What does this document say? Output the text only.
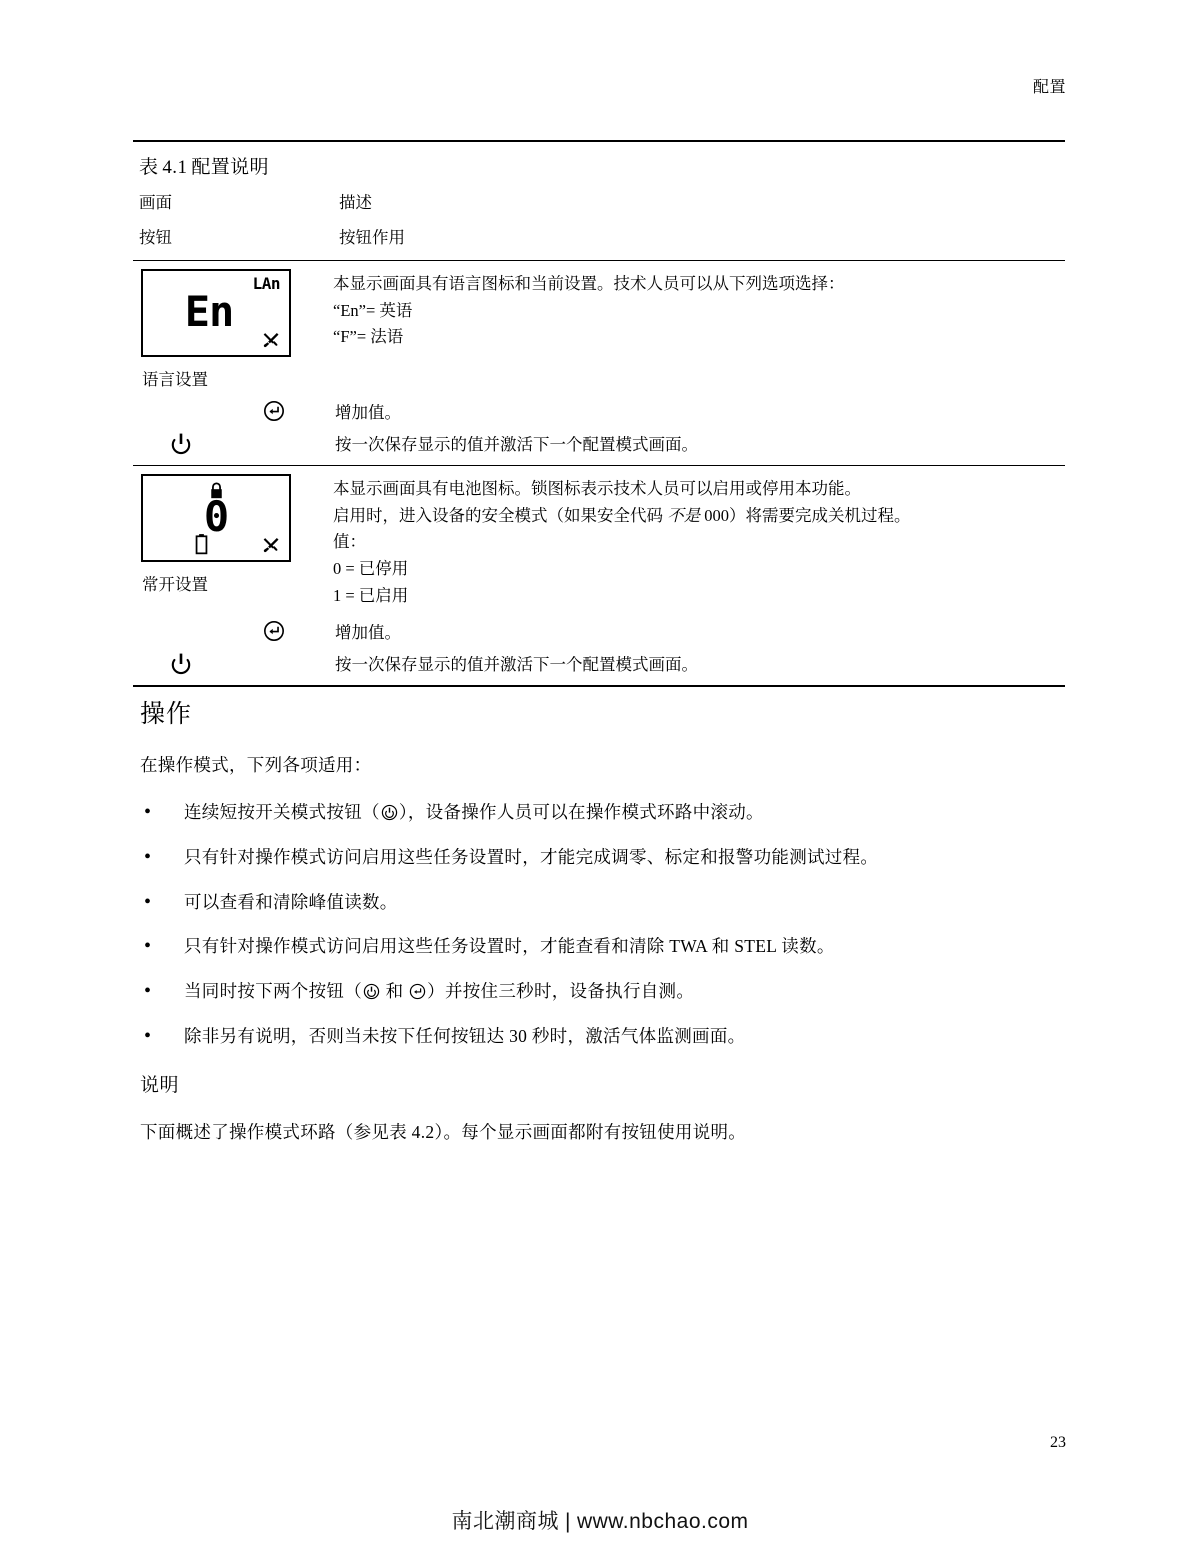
配置
表 4.1 配置说明
画面	描述
按钮	按钮作用
LAn
En
语言设置
本显示画面具有语言图标和当前设置。技术人员可以从下列选项选择：
“En”= 英语
“F”= 法语
增加值。
按一次保存显示的值并激活下一个配置模式画面。
0
常开设置
本显示画面具有电池图标。锁图标表示技术人员可以启用或停用本功能。
启用时，进入设备的安全模式（如果安全代码 不是 000）将需要完成关机过程。
值：
0 = 已停用
1 = 已启用
增加值。
按一次保存显示的值并激活下一个配置模式画面。
操作
在操作模式，下列各项适用：
• 连续短按开关模式按钮（ ），设备操作人员可以在操作模式环路中滚动。
• 只有针对操作模式访问启用这些任务设置时，才能完成调零、标定和报警功能测试过程。
• 可以查看和清除峰值读数。
• 只有针对操作模式访问启用这些任务设置时，才能查看和清除 TWA 和 STEL 读数。
• 当同时按下两个按钮（ 和 ）并按住三秒时，设备执行自测。
• 除非另有说明，否则当未按下任何按钮达 30 秒时，激活气体监测画面。
说明
下面概述了操作模式环路（参见表 4.2）。每个显示画面都附有按钮使用说明。
23
南北潮商城 | www.nbchao.com
